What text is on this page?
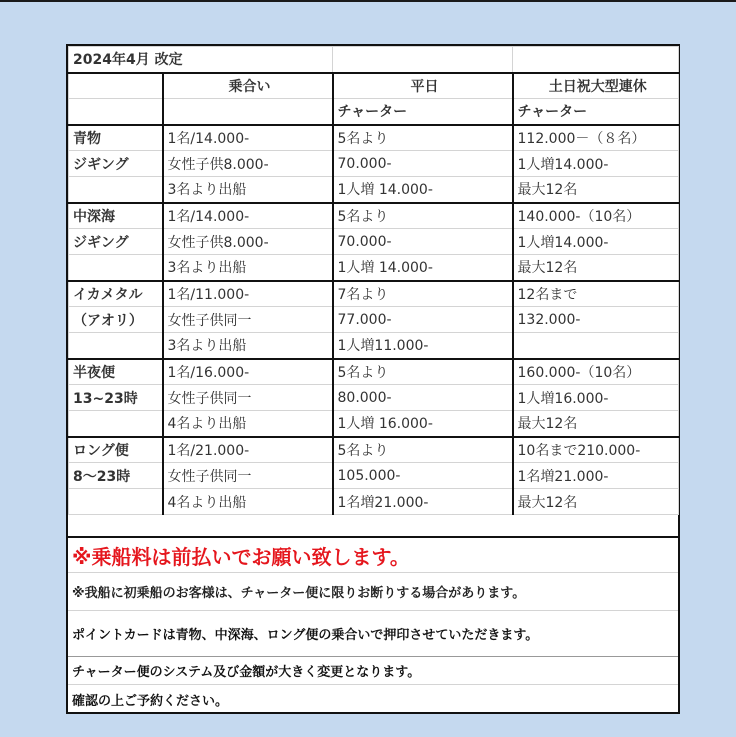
2024年4月 改定			
	乗合い	平日	土日祝大型連休
		チャーター	チャーター
青物	1名/14.000-	5名より	112.000－（８名）
ジギング	女性子供8.000-	70.000-	1人増14.000-
	3名より出船	1人増 14.000-	最大12名
中深海	1名/14.000-	5名より	140.000-（10名）
ジギング	女性子供8.000-	70.000-	1人増14.000-
	3名より出船	1人増 14.000-	最大12名
イカメタル	1名/11.000-	7名より	12名まで
（アオリ）	女性子供同一	77.000-	132.000-
	3名より出船	1人増11.000-	
半夜便	1名/16.000-	5名より	160.000-（10名）
13~23時	女性子供同一	80.000-	1人増16.000-
	4名より出船	1人増 16.000-	最大12名
ロング便	1名/21.000-	5名より	10名まで210.000-
8～23時	女性子供同一	105.000-	1名増21.000-
	4名より出船	1名増21.000-	最大12名
※乗船料は前払いでお願い致します。
※我船に初乗船のお客様は、チャーター便に限りお断りする場合があります。
ポイントカードは青物、中深海、ロング便の乗合いで押印させていただきます。
チャーター便のシステム及び金額が大きく変更となります。
確認の上ご予約ください。
